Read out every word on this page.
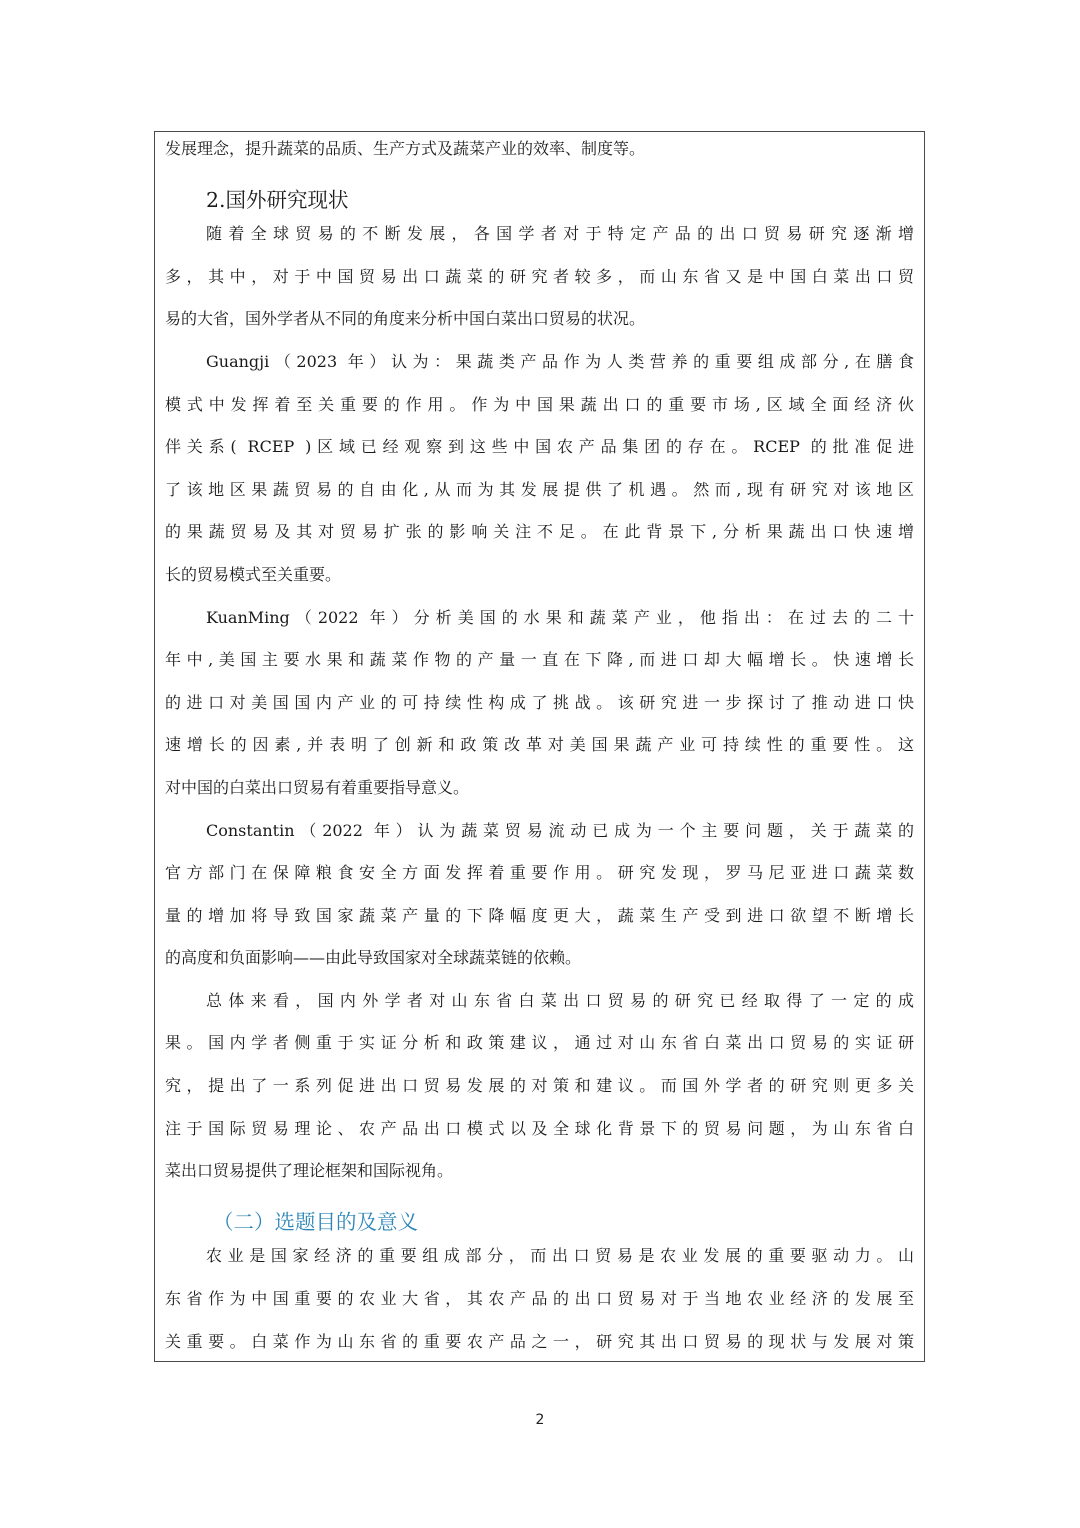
发展理念，提升蔬菜的品质、生产方式及蔬菜产业的效率、制度等。
2.国外研究现状
随着全球贸易的不断发展，各国学者对于特定产品的出口贸易研究逐渐增
多，其中，对于中国贸易出口蔬菜的研究者较多，而山东省又是中国白菜出口贸
易的大省，国外学者从不同的角度来分析中国白菜出口贸易的状况。
Guangji（2023 年）认为：果蔬类产品作为人类营养的重要组成部分,在膳食
模式中发挥着至关重要的作用。作为中国果蔬出口的重要市场,区域全面经济伙
伴关系( RCEP )区域已经观察到这些中国农产品集团的存在。RCEP 的批准促进
了该地区果蔬贸易的自由化,从而为其发展提供了机遇。然而,现有研究对该地区
的果蔬贸易及其对贸易扩张的影响关注不足。在此背景下,分析果蔬出口快速增
长的贸易模式至关重要。
KuanMing（2022 年）分析美国的水果和蔬菜产业，他指出：在过去的二十
年中,美国主要水果和蔬菜作物的产量一直在下降,而进口却大幅增长。快速增长
的进口对美国国内产业的可持续性构成了挑战。该研究进一步探讨了推动进口快
速增长的因素,并表明了创新和政策改革对美国果蔬产业可持续性的重要性。这
对中国的白菜出口贸易有着重要指导意义。
Constantin（2022 年）认为蔬菜贸易流动已成为一个主要问题，关于蔬菜的
官方部门在保障粮食安全方面发挥着重要作用。研究发现，罗马尼亚进口蔬菜数
量的增加将导致国家蔬菜产量的下降幅度更大，蔬菜生产受到进口欲望不断增长
的高度和负面影响——由此导致国家对全球蔬菜链的依赖。
总体来看，国内外学者对山东省白菜出口贸易的研究已经取得了一定的成
果。国内学者侧重于实证分析和政策建议，通过对山东省白菜出口贸易的实证研
究，提出了一系列促进出口贸易发展的对策和建议。而国外学者的研究则更多关
注于国际贸易理论、农产品出口模式以及全球化背景下的贸易问题，为山东省白
菜出口贸易提供了理论框架和国际视角。
（二）选题目的及意义
农业是国家经济的重要组成部分，而出口贸易是农业发展的重要驱动力。山
东省作为中国重要的农业大省，其农产品的出口贸易对于当地农业经济的发展至
关重要。白菜作为山东省的重要农产品之一，研究其出口贸易的现状与发展对策
2
